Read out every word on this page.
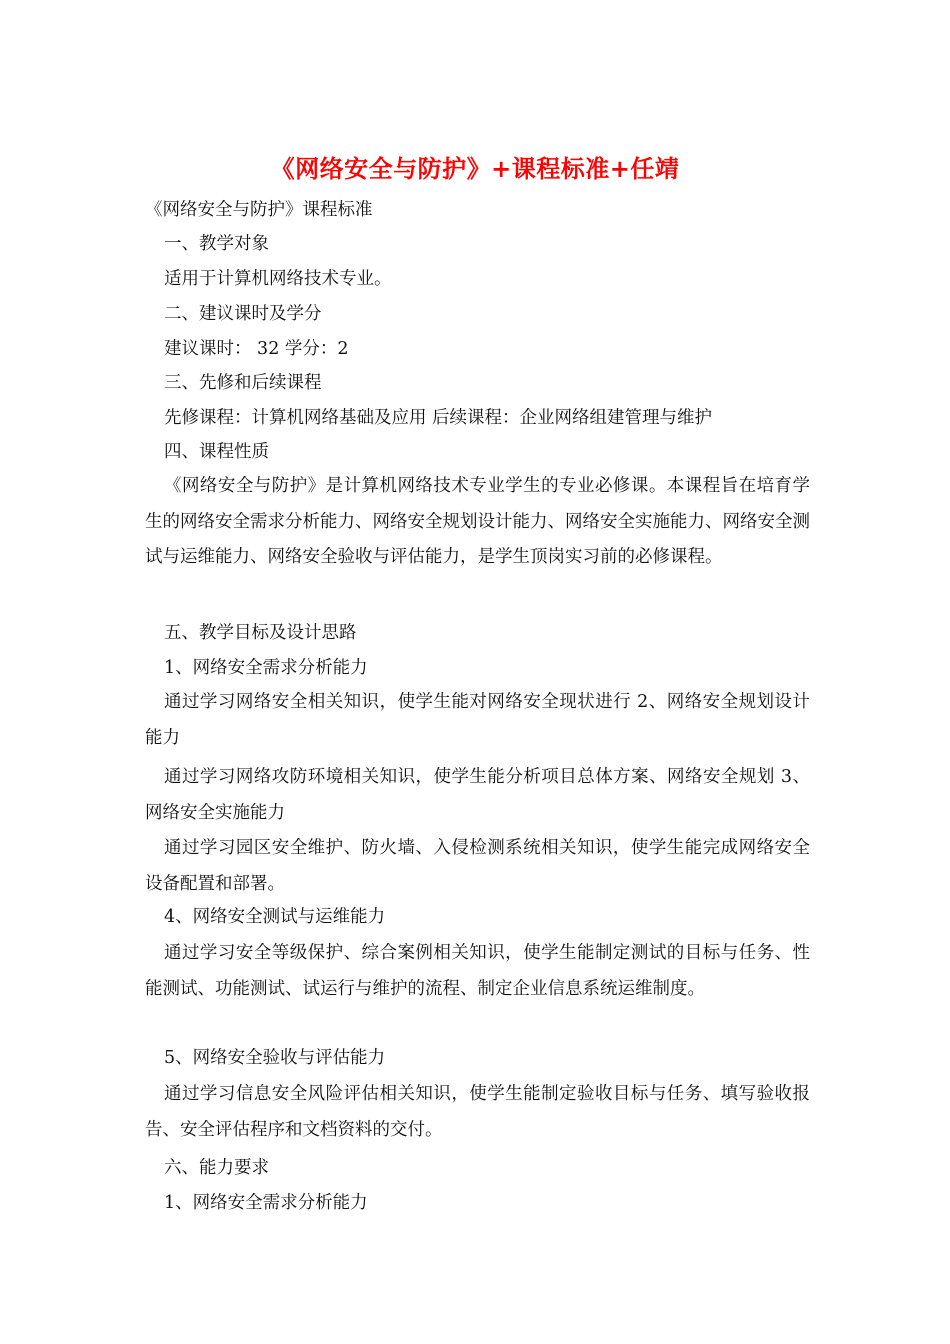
《网络安全与防护》+课程标准+任靖
《网络安全与防护》课程标准
一、教学对象
适用于计算机网络技术专业。
二、建议课时及学分
建议课时： 32 学分：2
三、先修和后续课程
先修课程：计算机网络基础及应用 后续课程：企业网络组建管理与维护
四、课程性质
《网络安全与防护》是计算机网络技术专业学生的专业必修课。本课程旨在培育学生的网络安全需求分析能力、网络安全规划设计能力、网络安全实施能力、网络安全测试与运维能力、网络安全验收与评估能力，是学生顶岗实习前的必修课程。
五、教学目标及设计思路
1、网络安全需求分析能力
通过学习网络安全相关知识，使学生能对网络安全现状进行 2、网络安全规划设计能力
通过学习网络攻防环境相关知识，使学生能分析项目总体方案、网络安全规划 3、网络安全实施能力
通过学习园区安全维护、防火墙、入侵检测系统相关知识，使学生能完成网络安全设备配置和部署。
4、网络安全测试与运维能力
通过学习安全等级保护、综合案例相关知识，使学生能制定测试的目标与任务、性能测试、功能测试、试运行与维护的流程、制定企业信息系统运维制度。
5、网络安全验收与评估能力
通过学习信息安全风险评估相关知识，使学生能制定验收目标与任务、填写验收报告、安全评估程序和文档资料的交付。
六、能力要求
1、网络安全需求分析能力
